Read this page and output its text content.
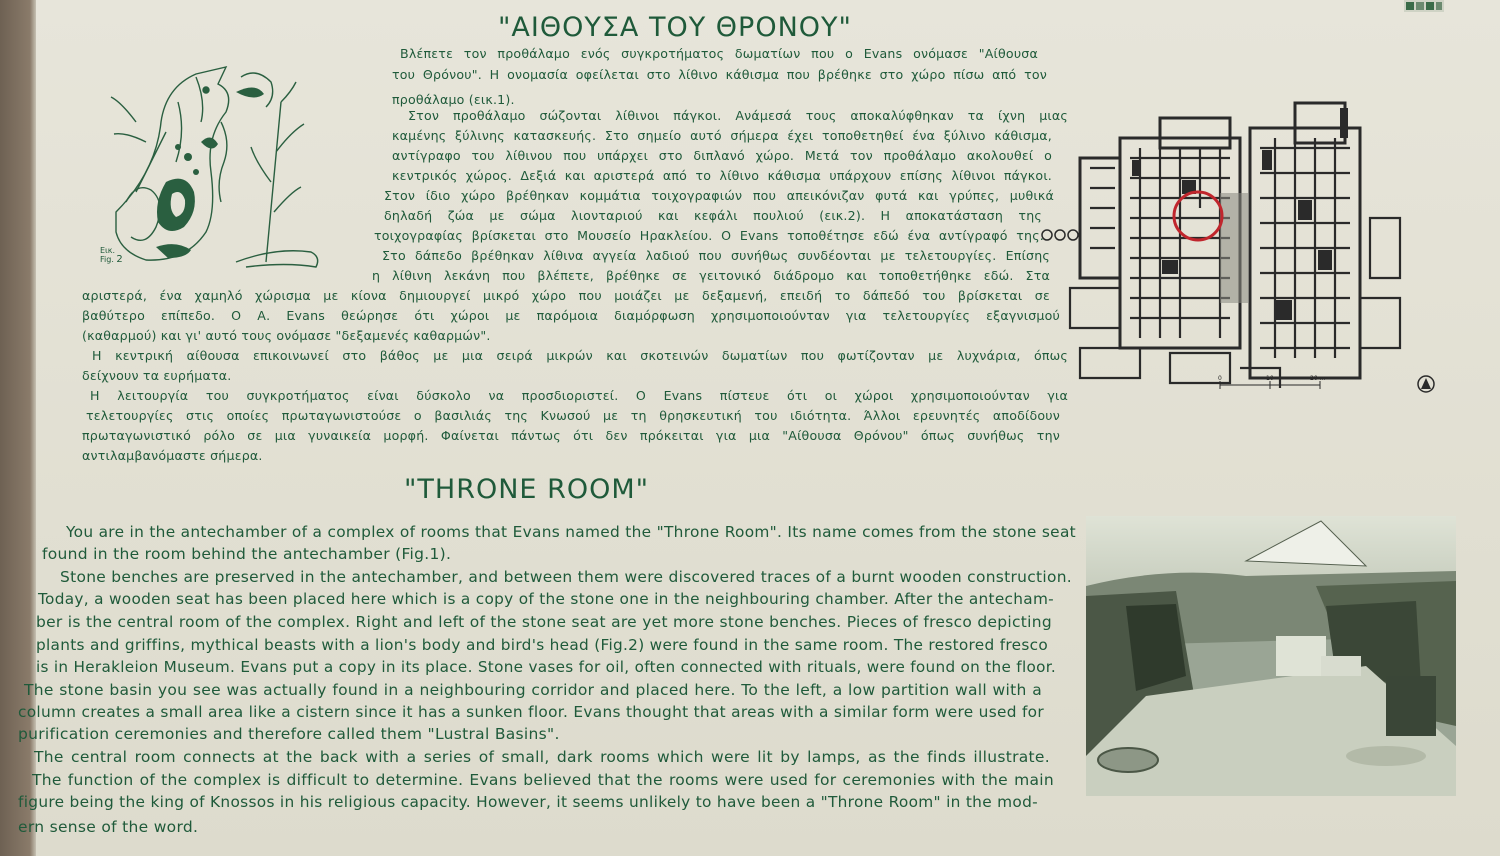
"ΑΙΘΟΥΣΑ ΤΟΥ ΘΡΟΝΟΥ"
Βλέπετε τον προθάλαμο ενός συγκροτήματος δωματίων που ο Evans ονόμασε "Αίθουσα
του Θρόνου". Η ονομασία οφείλεται στο λίθινο κάθισμα που βρέθηκε στο χώρο πίσω από τον
προθάλαμο (εικ.1).
Στον προθάλαμο σώζονται λίθινοι πάγκοι. Ανάμεσά τους αποκαλύφθηκαν τα ίχνη μιας
καμένης ξύλινης κατασκευής. Στο σημείο αυτό σήμερα έχει τοποθετηθεί ένα ξύλινο κάθισμα,
αντίγραφο του λίθινου που υπάρχει στο διπλανό χώρο. Μετά τον προθάλαμο ακολουθεί ο
κεντρικός χώρος. Δεξιά και αριστερά από το λίθινο κάθισμα υπάρχουν επίσης λίθινοι πάγκοι.
Στον ίδιο χώρο βρέθηκαν κομμάτια τοιχογραφιών που απεικόνιζαν φυτά και γρύπες, μυθικά
δηλαδή ζώα με σώμα λιονταριού και κεφάλι πουλιού (εικ.2). Η αποκατάσταση της
τοιχογραφίας βρίσκεται στο Μουσείο Ηρακλείου. Ο Evans τοποθέτησε εδώ ένα αντίγραφό της.
Στο δάπεδο βρέθηκαν λίθινα αγγεία λαδιού που συνήθως συνδέονται με τελετουργίες. Επίσης
η λίθινη λεκάνη που βλέπετε, βρέθηκε σε γειτονικό διάδρομο και τοποθετήθηκε εδώ. Στα
αριστερά, ένα χαμηλό χώρισμα με κίονα δημιουργεί μικρό χώρο που μοιάζει με δεξαμενή, επειδή το δάπεδό του βρίσκεται σε
βαθύτερο επίπεδο. Ο Α. Evans θεώρησε ότι χώροι με παρόμοια διαμόρφωση χρησιμοποιούνταν για τελετουργίες εξαγνισμού
(καθαρμού) και γι' αυτό τους ονόμασε "δεξαμενές καθαρμών".
Η κεντρική αίθουσα επικοινωνεί στο βάθος με μια σειρά μικρών και σκοτεινών δωματίων που φωτίζονταν με λυχνάρια, όπως
δείχνουν τα ευρήματα.
Η λειτουργία του συγκροτήματος είναι δύσκολο να προσδιοριστεί. Ο Evans πίστευε ότι οι χώροι χρησιμοποιούνταν για
τελετουργίες στις οποίες πρωταγωνιστούσε ο βασιλιάς της Κνωσού με τη θρησκευτική του ιδιότητα. Άλλοι ερευνητές αποδίδουν
πρωταγωνιστικό ρόλο σε μια γυναικεία μορφή. Φαίνεται πάντως ότι δεν πρόκειται για μια "Αίθουσα Θρόνου" όπως συνήθως την
αντιλαμβανόμαστε σήμερα.
"THRONE ROOM"
You are in the antechamber of a complex of rooms that Evans named the "Throne Room". Its name comes from the stone seat
found in the room behind the antechamber (Fig.1).
Stone benches are preserved in the antechamber, and between them were discovered traces of a burnt wooden construction.
Today, a wooden seat has been placed here which is a copy of the stone one in the neighbouring chamber. After the antecham-
ber is the central room of the complex. Right and left of the stone seat are yet more stone benches. Pieces of fresco depicting
plants and griffins, mythical beasts with a lion's body and bird's head (Fig.2) were found in the same room. The restored fresco
is in Herakleion Museum. Evans put a copy in its place. Stone vases for oil, often connected with rituals, were found on the floor.
The stone basin you see was actually found in a neighbouring corridor and placed here. To the left, a low partition wall with a
column creates a small area like a cistern since it has a sunken floor. Evans thought that areas with a similar form were used for
purification ceremonies and therefore called them "Lustral Basins".
The central room connects at the back with a series of small, dark rooms which were lit by lamps, as the finds illustrate.
The function of the complex is difficult to determine. Evans believed that the rooms were used for ceremonies with the main
figure being the king of Knossos in his religious capacity. However, it seems unlikely to have been a "Throne Room" in the mod-
ern sense of the word.
Εικ.
Fig. 2
0	10	20 m
